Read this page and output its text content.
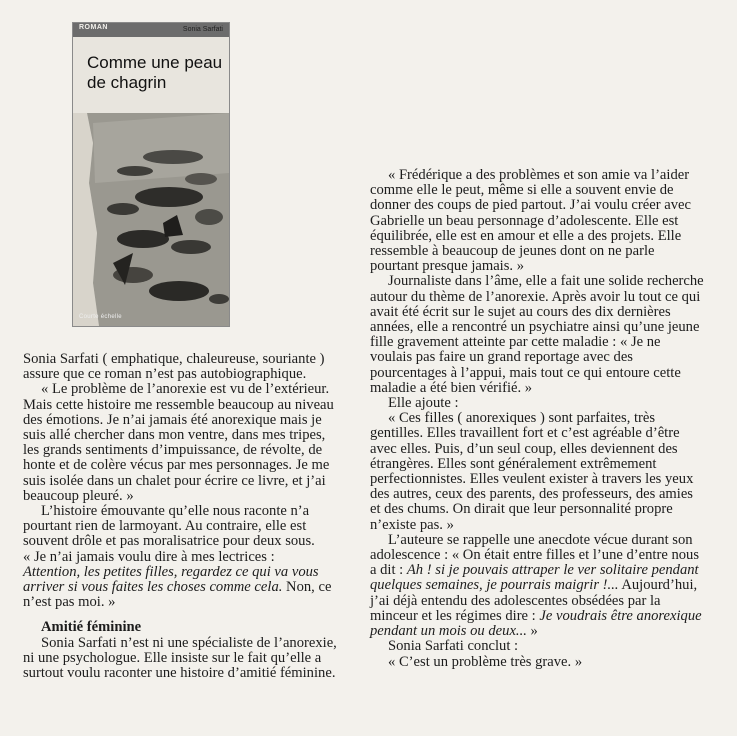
ROMAN	Sonia Sarfati
Comme une peau
de chagrin
Courte échelle

Sonia Sarfati ( emphatique, chaleureuse, souriante ) assure que ce roman n’est pas autobiographique.

« Le problème de l’anorexie est vu de l’extérieur. Mais cette histoire me ressemble beaucoup au niveau des émotions. Je n’ai jamais été anorexique mais je suis allé chercher dans mon ventre, dans mes tripes, les grands sentiments d’impuissance, de révolte, de honte et de colère vécus par mes personnages. Je me suis isolée dans un chalet pour écrire ce livre, et j’ai beaucoup pleuré. »

L’histoire émouvante qu’elle nous raconte n’a pourtant rien de larmoyant. Au contraire, elle est souvent drôle et pas moralisatrice pour deux sous.

« Je n’ai jamais voulu dire à mes lectrices :
Attention, les petites filles, regardez ce qui va vous arriver si vous faites les choses comme cela. Non, ce n’est pas moi. »

Amitié féminine

Sonia Sarfati n’est ni une spécialiste de l’anorexie, ni une psychologue. Elle insiste sur le fait qu’elle a surtout voulu raconter une histoire d’amitié féminine.

« Frédérique a des problèmes et son amie va l’aider comme elle le peut, même si elle a souvent envie de donner des coups de pied partout. J’ai voulu créer avec Gabrielle un beau personnage d’adolescente. Elle est équilibrée, elle est en amour et elle a des projets. Elle ressemble à beaucoup de jeunes dont on ne parle pourtant presque jamais. »

Journaliste dans l’âme, elle a fait une solide recherche autour du thème de l’anorexie. Après avoir lu tout ce qui avait été écrit sur le sujet au cours des dix dernières années, elle a rencontré un psychiatre ainsi qu’une jeune fille gravement atteinte par cette maladie : « Je ne voulais pas faire un grand reportage avec des pourcentages à l’appui, mais tout ce qui entoure cette maladie a été bien vérifié. »

Elle ajoute :

« Ces filles ( anorexiques ) sont parfaites, très gentilles. Elles travaillent fort et c’est agréable d’être avec elles. Puis, d’un seul coup, elles deviennent des étrangères. Elles sont généralement extrêmement perfectionnistes. Elles veulent exister à travers les yeux des autres, ceux des parents, des professeurs, des amies et des chums. On dirait que leur personnalité propre n’existe pas. »

L’auteure se rappelle une anecdote vécue durant son adolescence : « On était entre filles et l’une d’entre nous a dit : Ah ! si je pouvais attraper le ver solitaire pendant quelques semaines, je pourrais maigrir !... Aujourd’hui, j’ai déjà entendu des adolescentes obsédées par la minceur et les régimes dire : Je voudrais être anorexique pendant un mois ou deux... »

Sonia Sarfati conclut :

« C’est un problème très grave. »
